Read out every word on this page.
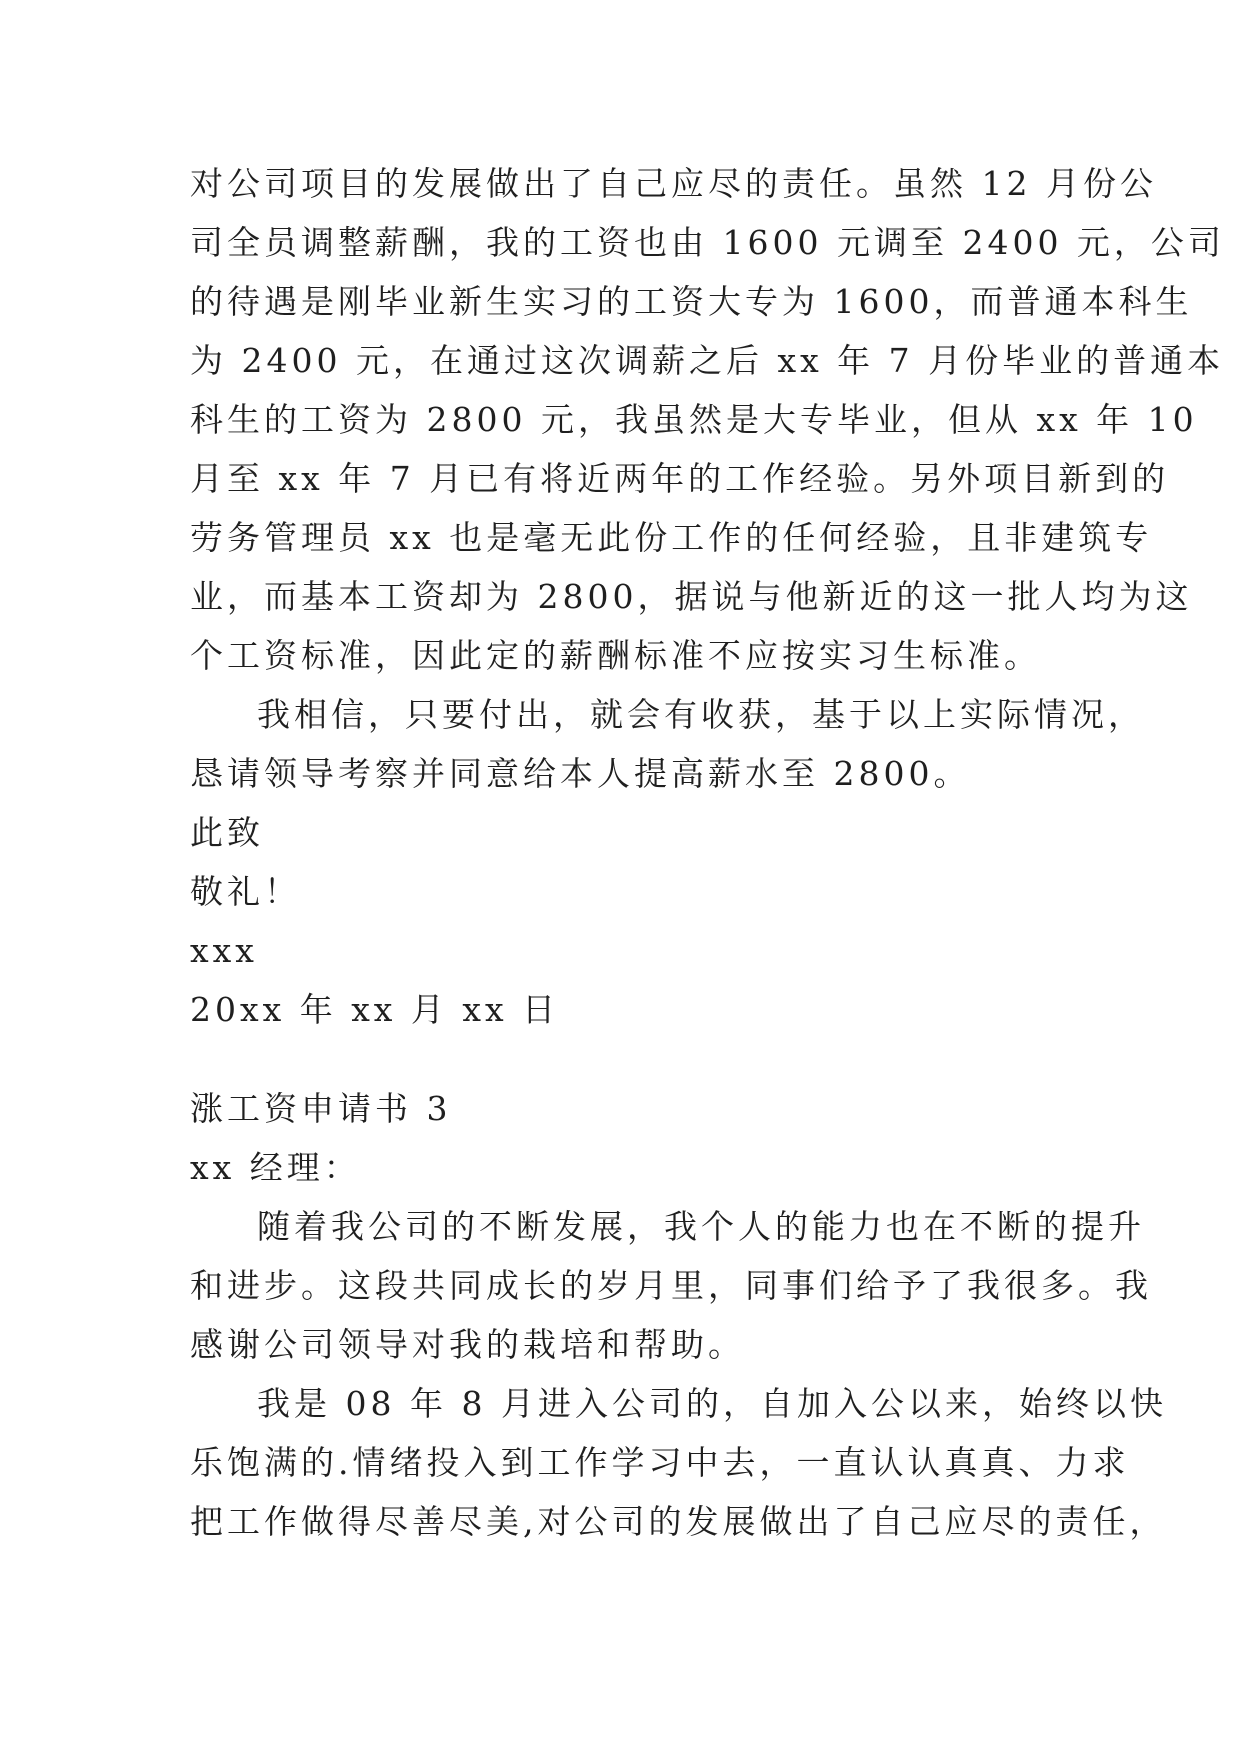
对公司项目的发展做出了自己应尽的责任。虽然 12 月份公
司全员调整薪酬，我的工资也由 1600 元调至 2400 元，公司
的待遇是刚毕业新生实习的工资大专为 1600，而普通本科生
为 2400 元，在通过这次调薪之后 xx 年 7 月份毕业的普通本
科生的工资为 2800 元，我虽然是大专毕业，但从 xx 年 10
月至 xx 年 7 月已有将近两年的工作经验。另外项目新到的
劳务管理员 xx 也是毫无此份工作的任何经验，且非建筑专
业，而基本工资却为 2800，据说与他新近的这一批人均为这
个工资标准，因此定的薪酬标准不应按实习生标准。
我相信，只要付出，就会有收获，基于以上实际情况，
恳请领导考察并同意给本人提高薪水至 2800。
此致
敬礼！
xxx
20xx 年 xx 月 xx 日
涨工资申请书 3
xx 经理：
随着我公司的不断发展，我个人的能力也在不断的提升
和进步。这段共同成长的岁月里，同事们给予了我很多。我
感谢公司领导对我的栽培和帮助。
我是 08 年 8 月进入公司的，自加入公以来，始终以快
乐饱满的.情绪投入到工作学习中去，一直认认真真、力求
把工作做得尽善尽美,对公司的发展做出了自己应尽的责任，
